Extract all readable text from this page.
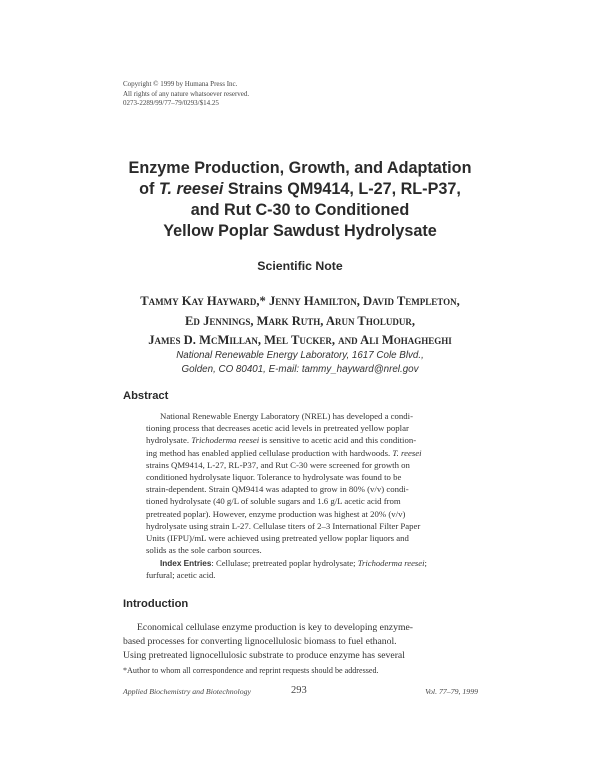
Copyright © 1999 by Humana Press Inc.
All rights of any nature whatsoever reserved.
0273-2289/99/77–79/0293/$14.25
Enzyme Production, Growth, and Adaptation
of T. reesei Strains QM9414, L-27, RL-P37,
and Rut C-30 to Conditioned
Yellow Poplar Sawdust Hydrolysate
Scientific Note
Tammy Kay Hayward,* Jenny Hamilton, David Templeton,
Ed Jennings, Mark Ruth, Arun Tholudur,
James D. McMillan, Mel Tucker, and Ali Mohagheghi
National Renewable Energy Laboratory, 1617 Cole Blvd.,
Golden, CO 80401, E-mail: tammy_hayward@nrel.gov
Abstract
National Renewable Energy Laboratory (NREL) has developed a condi-
tioning process that decreases acetic acid levels in pretreated yellow poplar
hydrolysate. Trichoderma reesei is sensitive to acetic acid and this condition-
ing method has enabled applied cellulase production with hardwoods. T. reesei
strains QM9414, L-27, RL-P37, and Rut C-30 were screened for growth on
conditioned hydrolysate liquor. Tolerance to hydrolysate was found to be
strain-dependent. Strain QM9414 was adapted to grow in 80% (v/v) condi-
tioned hydrolysate (40 g/L of soluble sugars and 1.6 g/L acetic acid from
pretreated poplar). However, enzyme production was highest at 20% (v/v)
hydrolysate using strain L-27. Cellulase titers of 2–3 International Filter Paper
Units (IFPU)/mL were achieved using pretreated yellow poplar liquors and
solids as the sole carbon sources.
Index Entries: Cellulase; pretreated poplar hydrolysate; Trichoderma reesei;
furfural; acetic acid.
Introduction
Economical cellulase enzyme production is key to developing enzyme-
based processes for converting lignocellulosic biomass to fuel ethanol.
Using pretreated lignocellulosic substrate to produce enzyme has several
*Author to whom all correspondence and reprint requests should be addressed.
Applied Biochemistry and Biotechnology	293	Vol. 77–79, 1999
